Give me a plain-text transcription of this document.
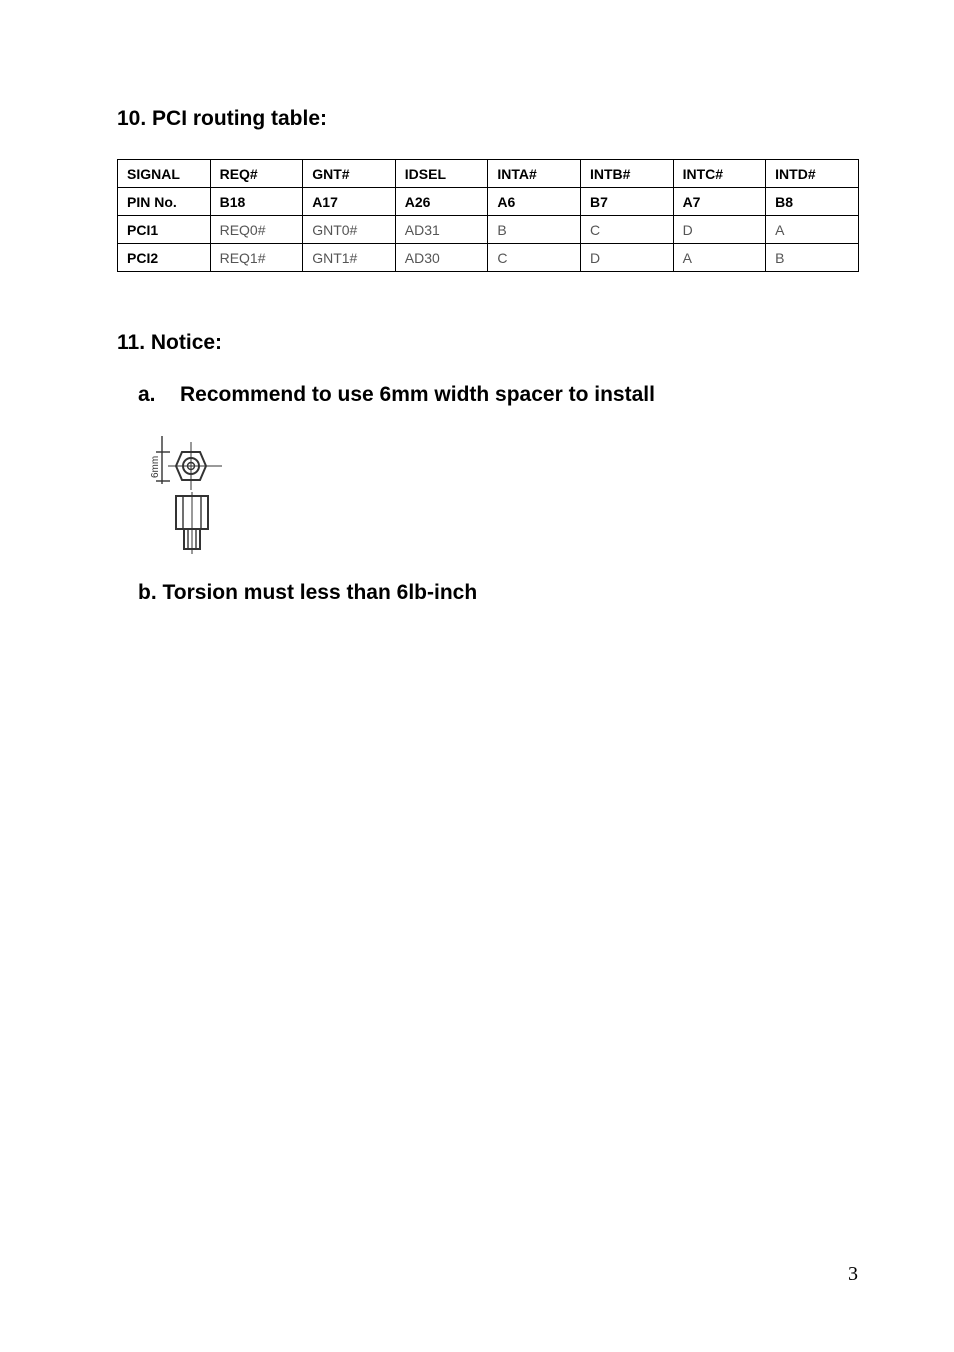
10. PCI routing table:
SIGNAL	REQ#	GNT#	IDSEL	INTA#	INTB#	INTC#	INTD#
PIN No.	B18	A17	A26	A6	B7	A7	B8
PCI1	REQ0#	GNT0#	AD31	B	C	D	A
PCI2	REQ1#	GNT1#	AD30	C	D	A	B
11. Notice:
a. Recommend to use 6mm width spacer to install
6mm
b. Torsion must less than 6lb-inch
3
